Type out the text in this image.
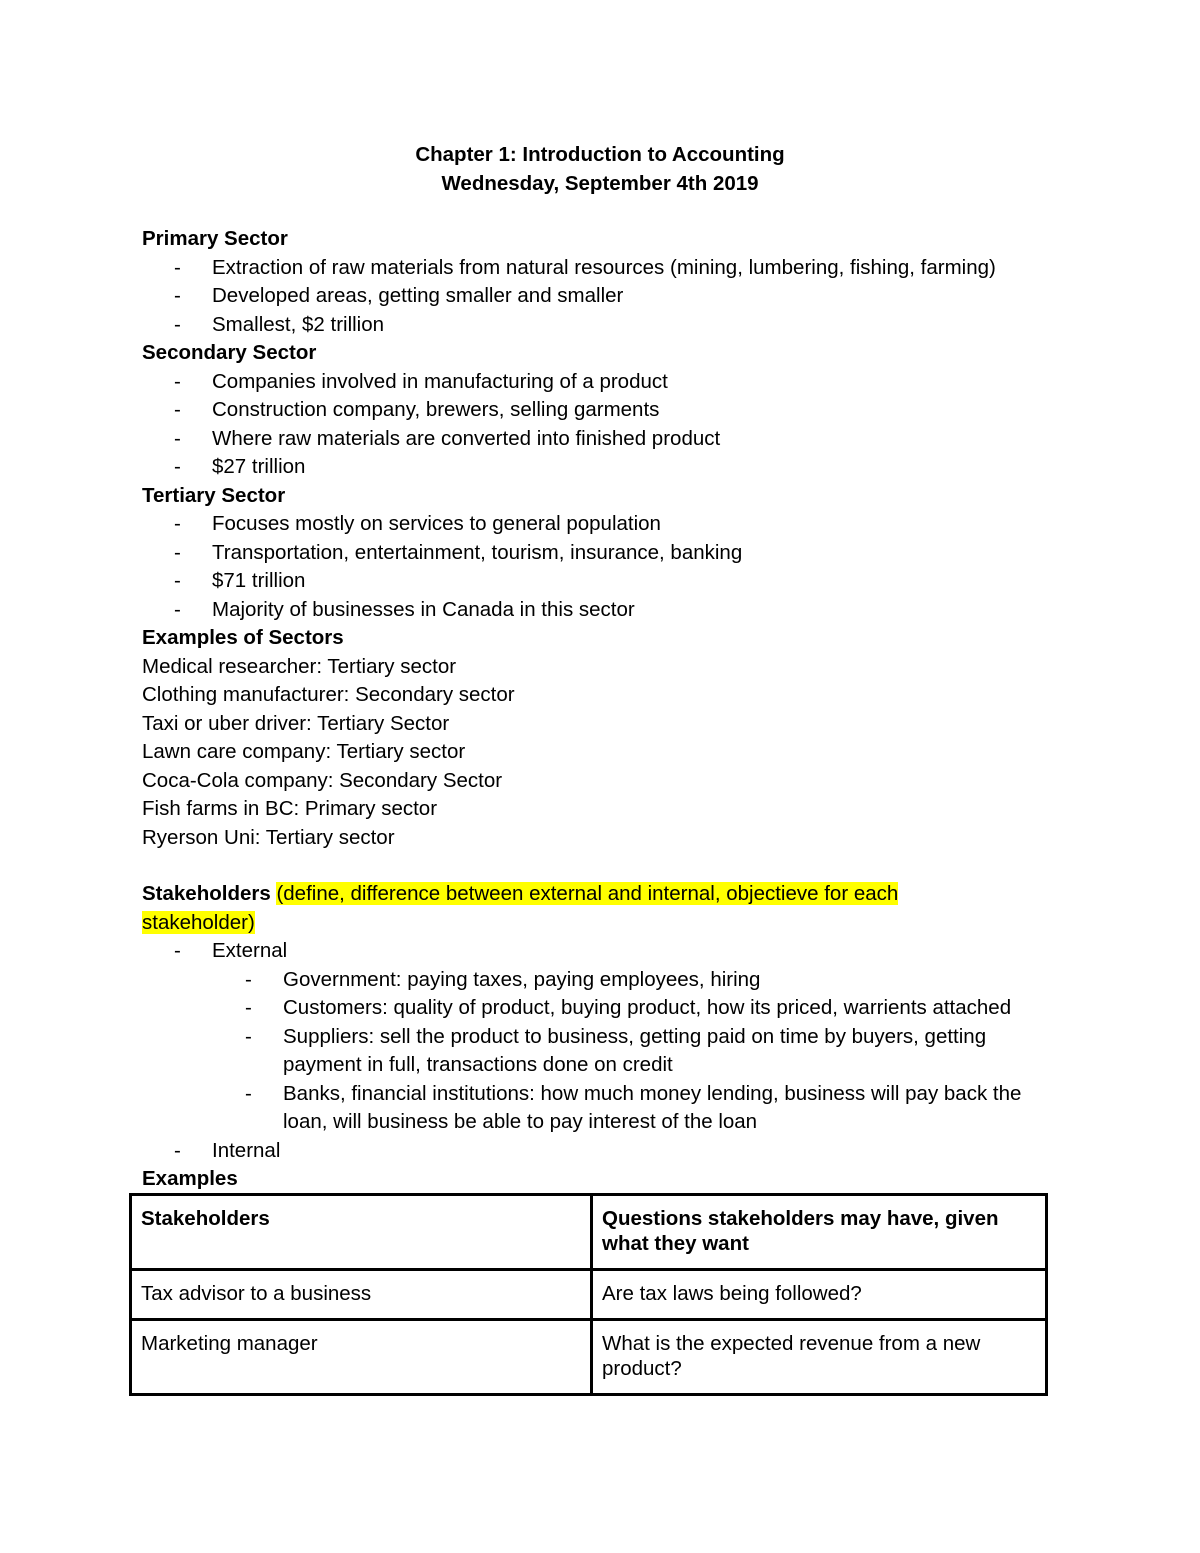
Chapter 1: Introduction to Accounting
Wednesday, September 4th 2019
Primary Sector
- Extraction of raw materials from natural resources (mining, lumbering, fishing, farming)
- Developed areas, getting smaller and smaller
- Smallest, $2 trillion
Secondary Sector
- Companies involved in manufacturing of a product
- Construction company, brewers, selling garments
- Where raw materials are converted into finished product
- $27 trillion
Tertiary Sector
- Focuses mostly on services to general population
- Transportation, entertainment, tourism, insurance, banking
- $71 trillion
- Majority of businesses in Canada in this sector
Examples of Sectors
Medical researcher: Tertiary sector
Clothing manufacturer: Secondary sector
Taxi or uber driver: Tertiary Sector
Lawn care company: Tertiary sector
Coca-Cola company: Secondary Sector
Fish farms in BC: Primary sector
Ryerson Uni: Tertiary sector
Stakeholders (define, difference between external and internal, objectieve for each stakeholder)
- External
- Government: paying taxes, paying employees, hiring
- Customers: quality of product, buying product, how its priced, warrients attached
- Suppliers: sell the product to business, getting paid on time by buyers, getting payment in full, transactions done on credit
- Banks, financial institutions: how much money lending, business will pay back the loan, will business be able to pay interest of the loan
- Internal
Examples
Stakeholders	Questions stakeholders may have, given what they want
Tax advisor to a business	Are tax laws being followed?
Marketing manager	What is the expected revenue from a new product?
